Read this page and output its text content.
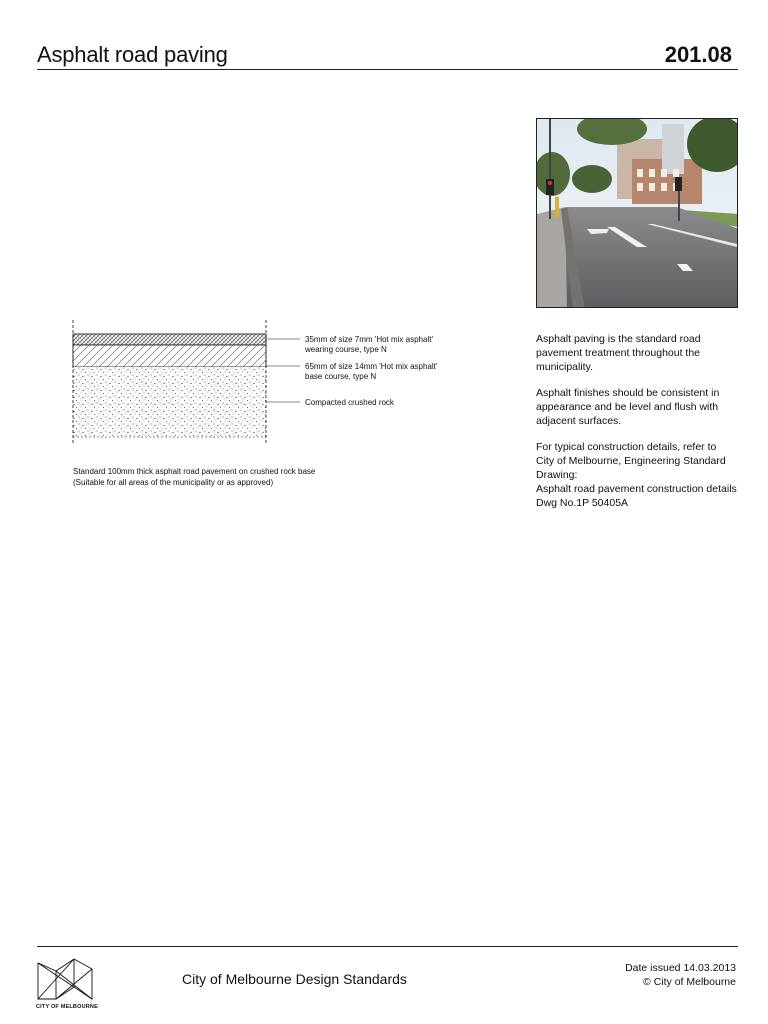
Asphalt road paving	201.08
35mm of size 7mm 'Hot mix asphalt'
wearing course, type N
65mm of size 14mm 'Hot mix asphalt'
base course, type N
Compacted crushed rock
Standard 100mm thick asphalt road pavement on crushed rock base
(Suitable for all areas of the municipality or as approved)

Asphalt paving is the standard road pavement treatment throughout the municipality.

Asphalt finishes should be consistent in appearance and be level and flush with adjacent surfaces.

For typical construction details, refer to
City of Melbourne, Engineering Standard
Drawing:
Asphalt road pavement construction details
Dwg No.1P 50405A

CITY OF MELBOURNE
City of Melbourne Design Standards
Date issued 14.03.2013
© City of Melbourne
